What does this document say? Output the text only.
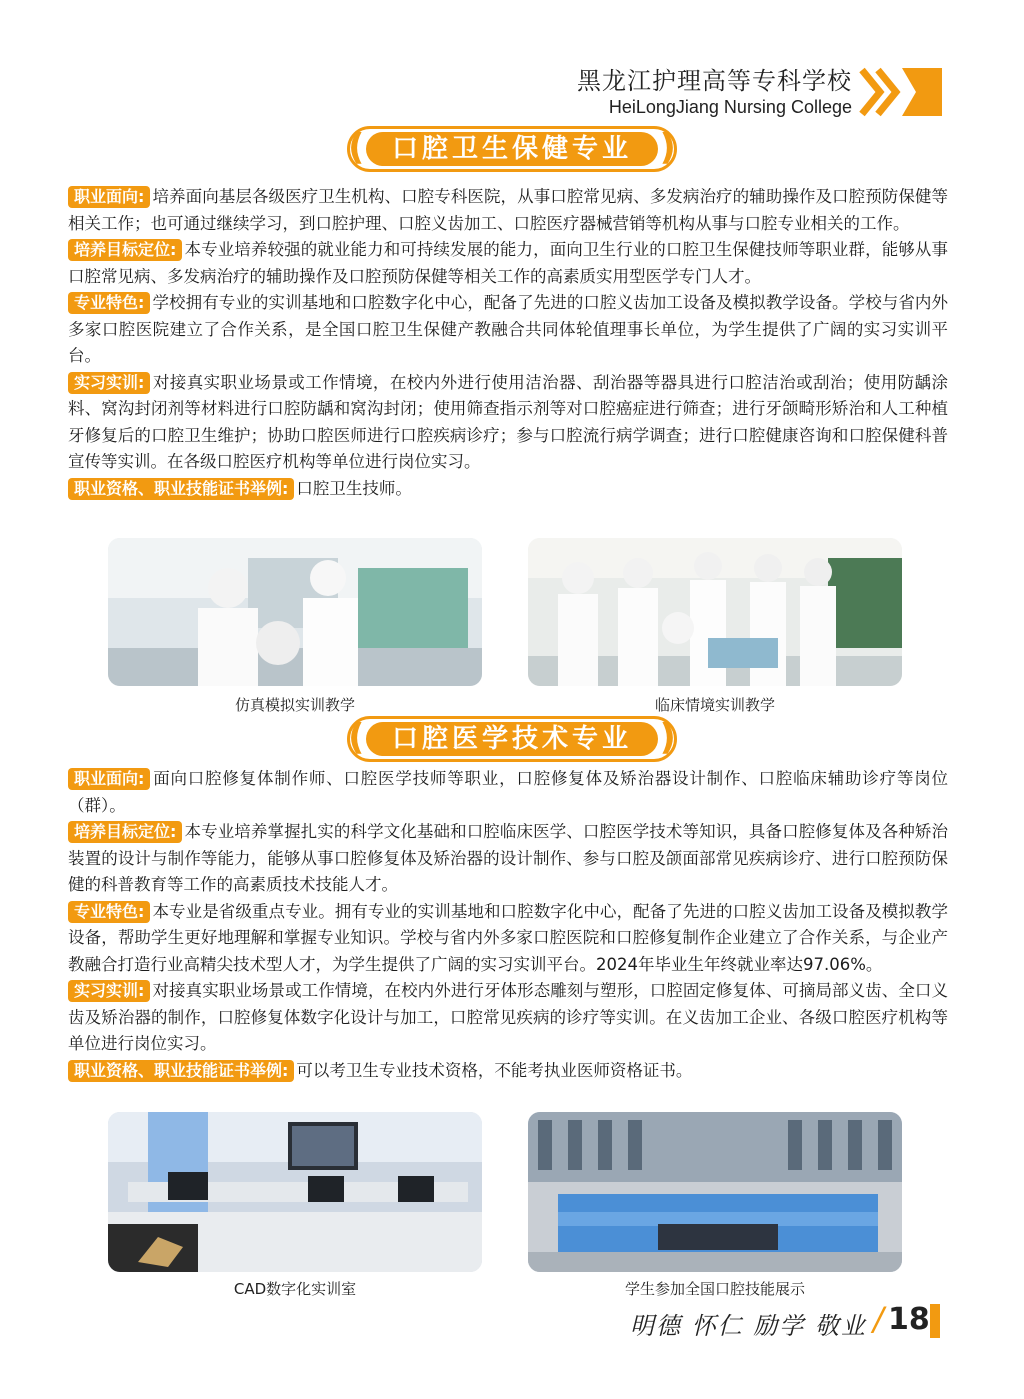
黑龙江护理高等专科学校
HeiLongJiang Nursing College
(	口腔卫生保健专业 )

职业面向: 培养面向基层各级医疗卫生机构、口腔专科医院，从事口腔常见病、多发病治疗的辅助操作及口腔预防保健等相关工作；也可通过继续学习，到口腔护理、口腔义齿加工、口腔医疗器械营销等机构从事与口腔专业相关的工作。

培养目标定位: 本专业培养较强的就业能力和可持续发展的能力，面向卫生行业的口腔卫生保健技师等职业群，能够从事口腔常见病、多发病治疗的辅助操作及口腔预防保健等相关工作的高素质实用型医学专门人才。

专业特色: 学校拥有专业的实训基地和口腔数字化中心，配备了先进的口腔义齿加工设备及模拟教学设备。学校与省内外多家口腔医院建立了合作关系，是全国口腔卫生保健产教融合共同体轮值理事长单位，为学生提供了广阔的实习实训平台。

实习实训: 对接真实职业场景或工作情境，在校内外进行使用洁治器、刮治器等器具进行口腔洁治或刮治；使用防龋涂料、窝沟封闭剂等材料进行口腔防龋和窝沟封闭；使用筛查指示剂等对口腔癌症进行筛查；进行牙颌畸形矫治和人工种植牙修复后的口腔卫生维护；协助口腔医师进行口腔疾病诊疗；参与口腔流行病学调查；进行口腔健康咨询和口腔保健科普宣传等实训。在各级口腔医疗机构等单位进行岗位实习。

职业资格、职业技能证书举例: 口腔卫生技师。

仿真模拟实训教学	临床情境实训教学
(	口腔医学技术专业 )

职业面向: 面向口腔修复体制作师、口腔医学技师等职业，口腔修复体及矫治器设计制作、口腔临床辅助诊疗等岗位（群）。

培养目标定位: 本专业培养掌握扎实的科学文化基础和口腔临床医学、口腔医学技术等知识，具备口腔修复体及各种矫治装置的设计与制作等能力，能够从事口腔修复体及矫治器的设计制作、参与口腔及颌面部常见疾病诊疗、进行口腔预防保健的科普教育等工作的高素质技术技能人才。

专业特色: 本专业是省级重点专业。拥有专业的实训基地和口腔数字化中心，配备了先进的口腔义齿加工设备及模拟教学设备，帮助学生更好地理解和掌握专业知识。学校与省内外多家口腔医院和口腔修复制作企业建立了合作关系，与企业产教融合打造行业高精尖技术型人才，为学生提供了广阔的实习实训平台。2024年毕业生年终就业率达97.06%。

实习实训: 对接真实职业场景或工作情境，在校内外进行牙体形态雕刻与塑形，口腔固定修复体、可摘局部义齿、全口义齿及矫治器的制作，口腔修复体数字化设计与加工，口腔常见疾病的诊疗等实训。在义齿加工企业、各级口腔医疗机构等单位进行岗位实习。

职业资格、职业技能证书举例: 可以考卫生专业技术资格，不能考执业医师资格证书。

CAD数字化实训室	学生参加全国口腔技能展示
明德 怀仁 励学 敬业 / 18
